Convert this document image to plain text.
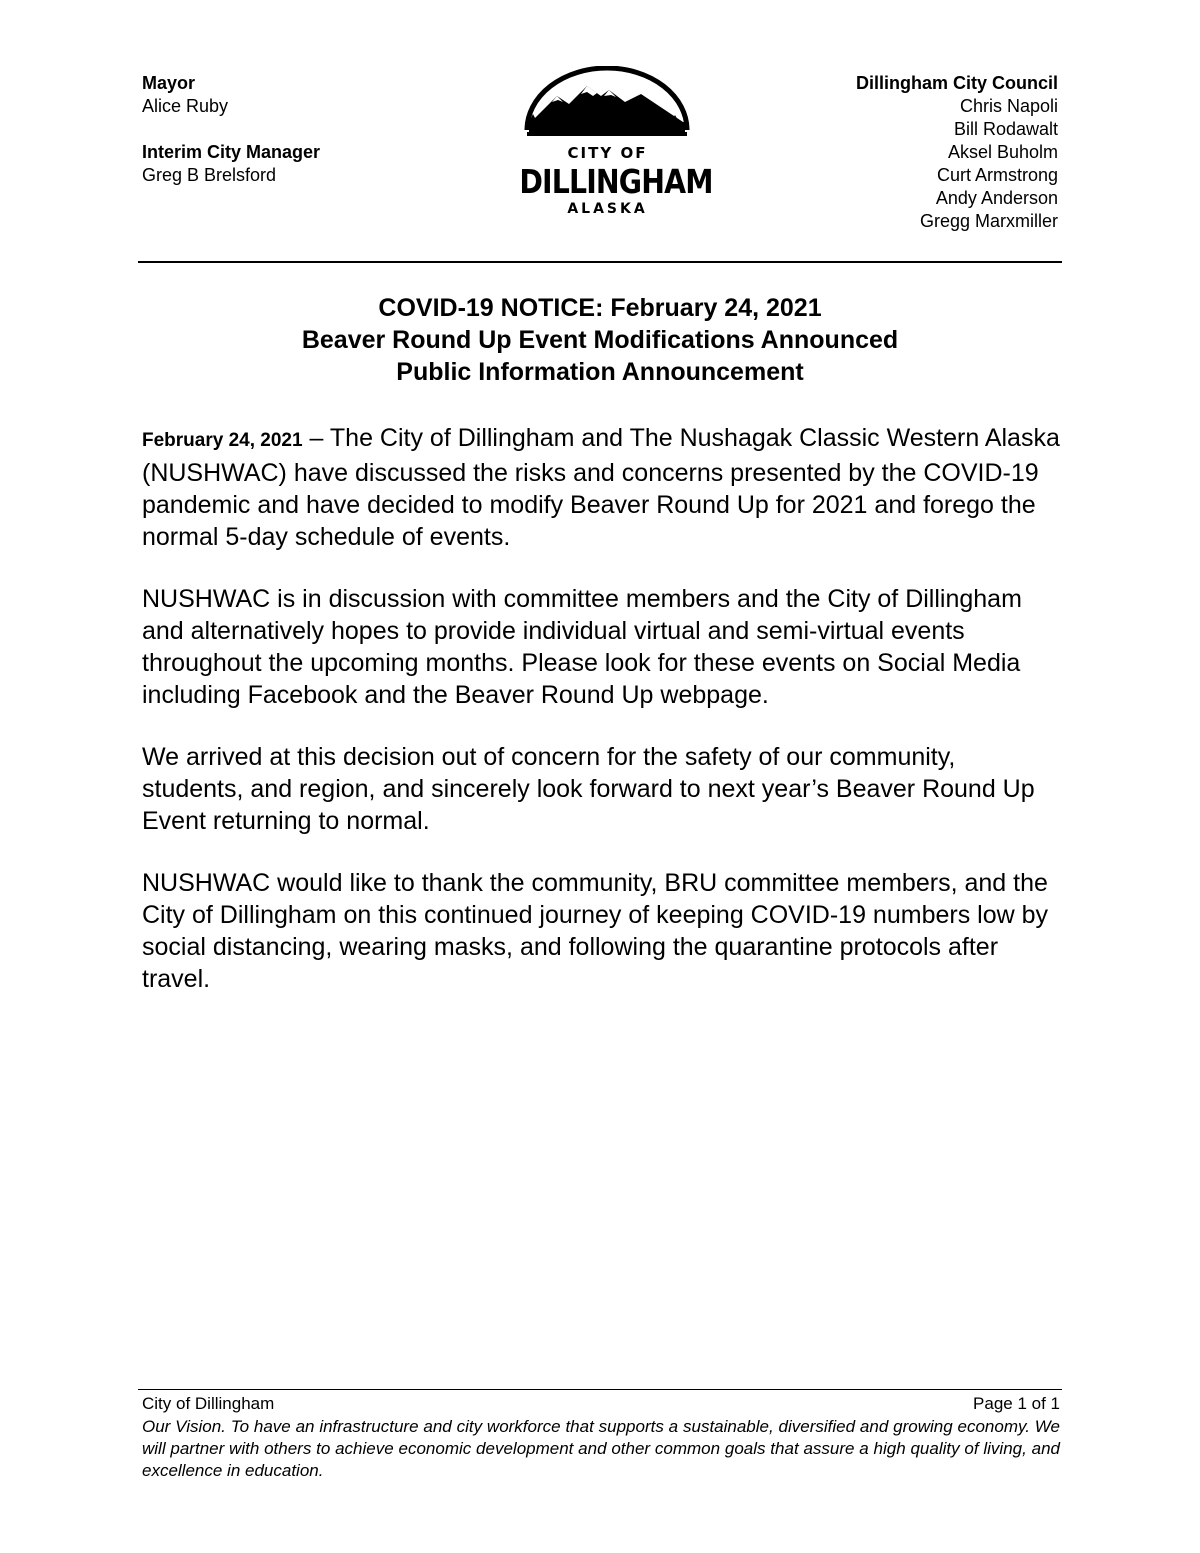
Mayor
Alice Ruby
Interim City Manager
Greg B Brelsford
CITY OF
DILLINGHAM
ALASKA
Dillingham City Council
Chris Napoli
Bill Rodawalt
Aksel Buholm
Curt Armstrong
Andy Anderson
Gregg Marxmiller
COVID-19 NOTICE: February 24, 2021
Beaver Round Up Event Modifications Announced
Public Information Announcement

February 24, 2021 – The City of Dillingham and The Nushagak Classic Western Alaska (NUSHWAC) have discussed the risks and concerns presented by the COVID-19 pandemic and have decided to modify Beaver Round Up for 2021 and forego the normal 5-day schedule of events.

NUSHWAC is in discussion with committee members and the City of Dillingham and alternatively hopes to provide individual virtual and semi-virtual events throughout the upcoming months. Please look for these events on Social Media including Facebook and the Beaver Round Up webpage.

We arrived at this decision out of concern for the safety of our community, students, and region, and sincerely look forward to next year’s Beaver Round Up Event returning to normal.

NUSHWAC would like to thank the community, BRU committee members, and the City of Dillingham on this continued journey of keeping COVID-19 numbers low by social distancing, wearing masks, and following the quarantine protocols after travel.

City of Dillingham	Page 1 of 1
Our Vision. To have an infrastructure and city workforce that supports a sustainable, diversified and growing economy. We will partner with others to achieve economic development and other common goals that assure a high quality of living, and excellence in education.
